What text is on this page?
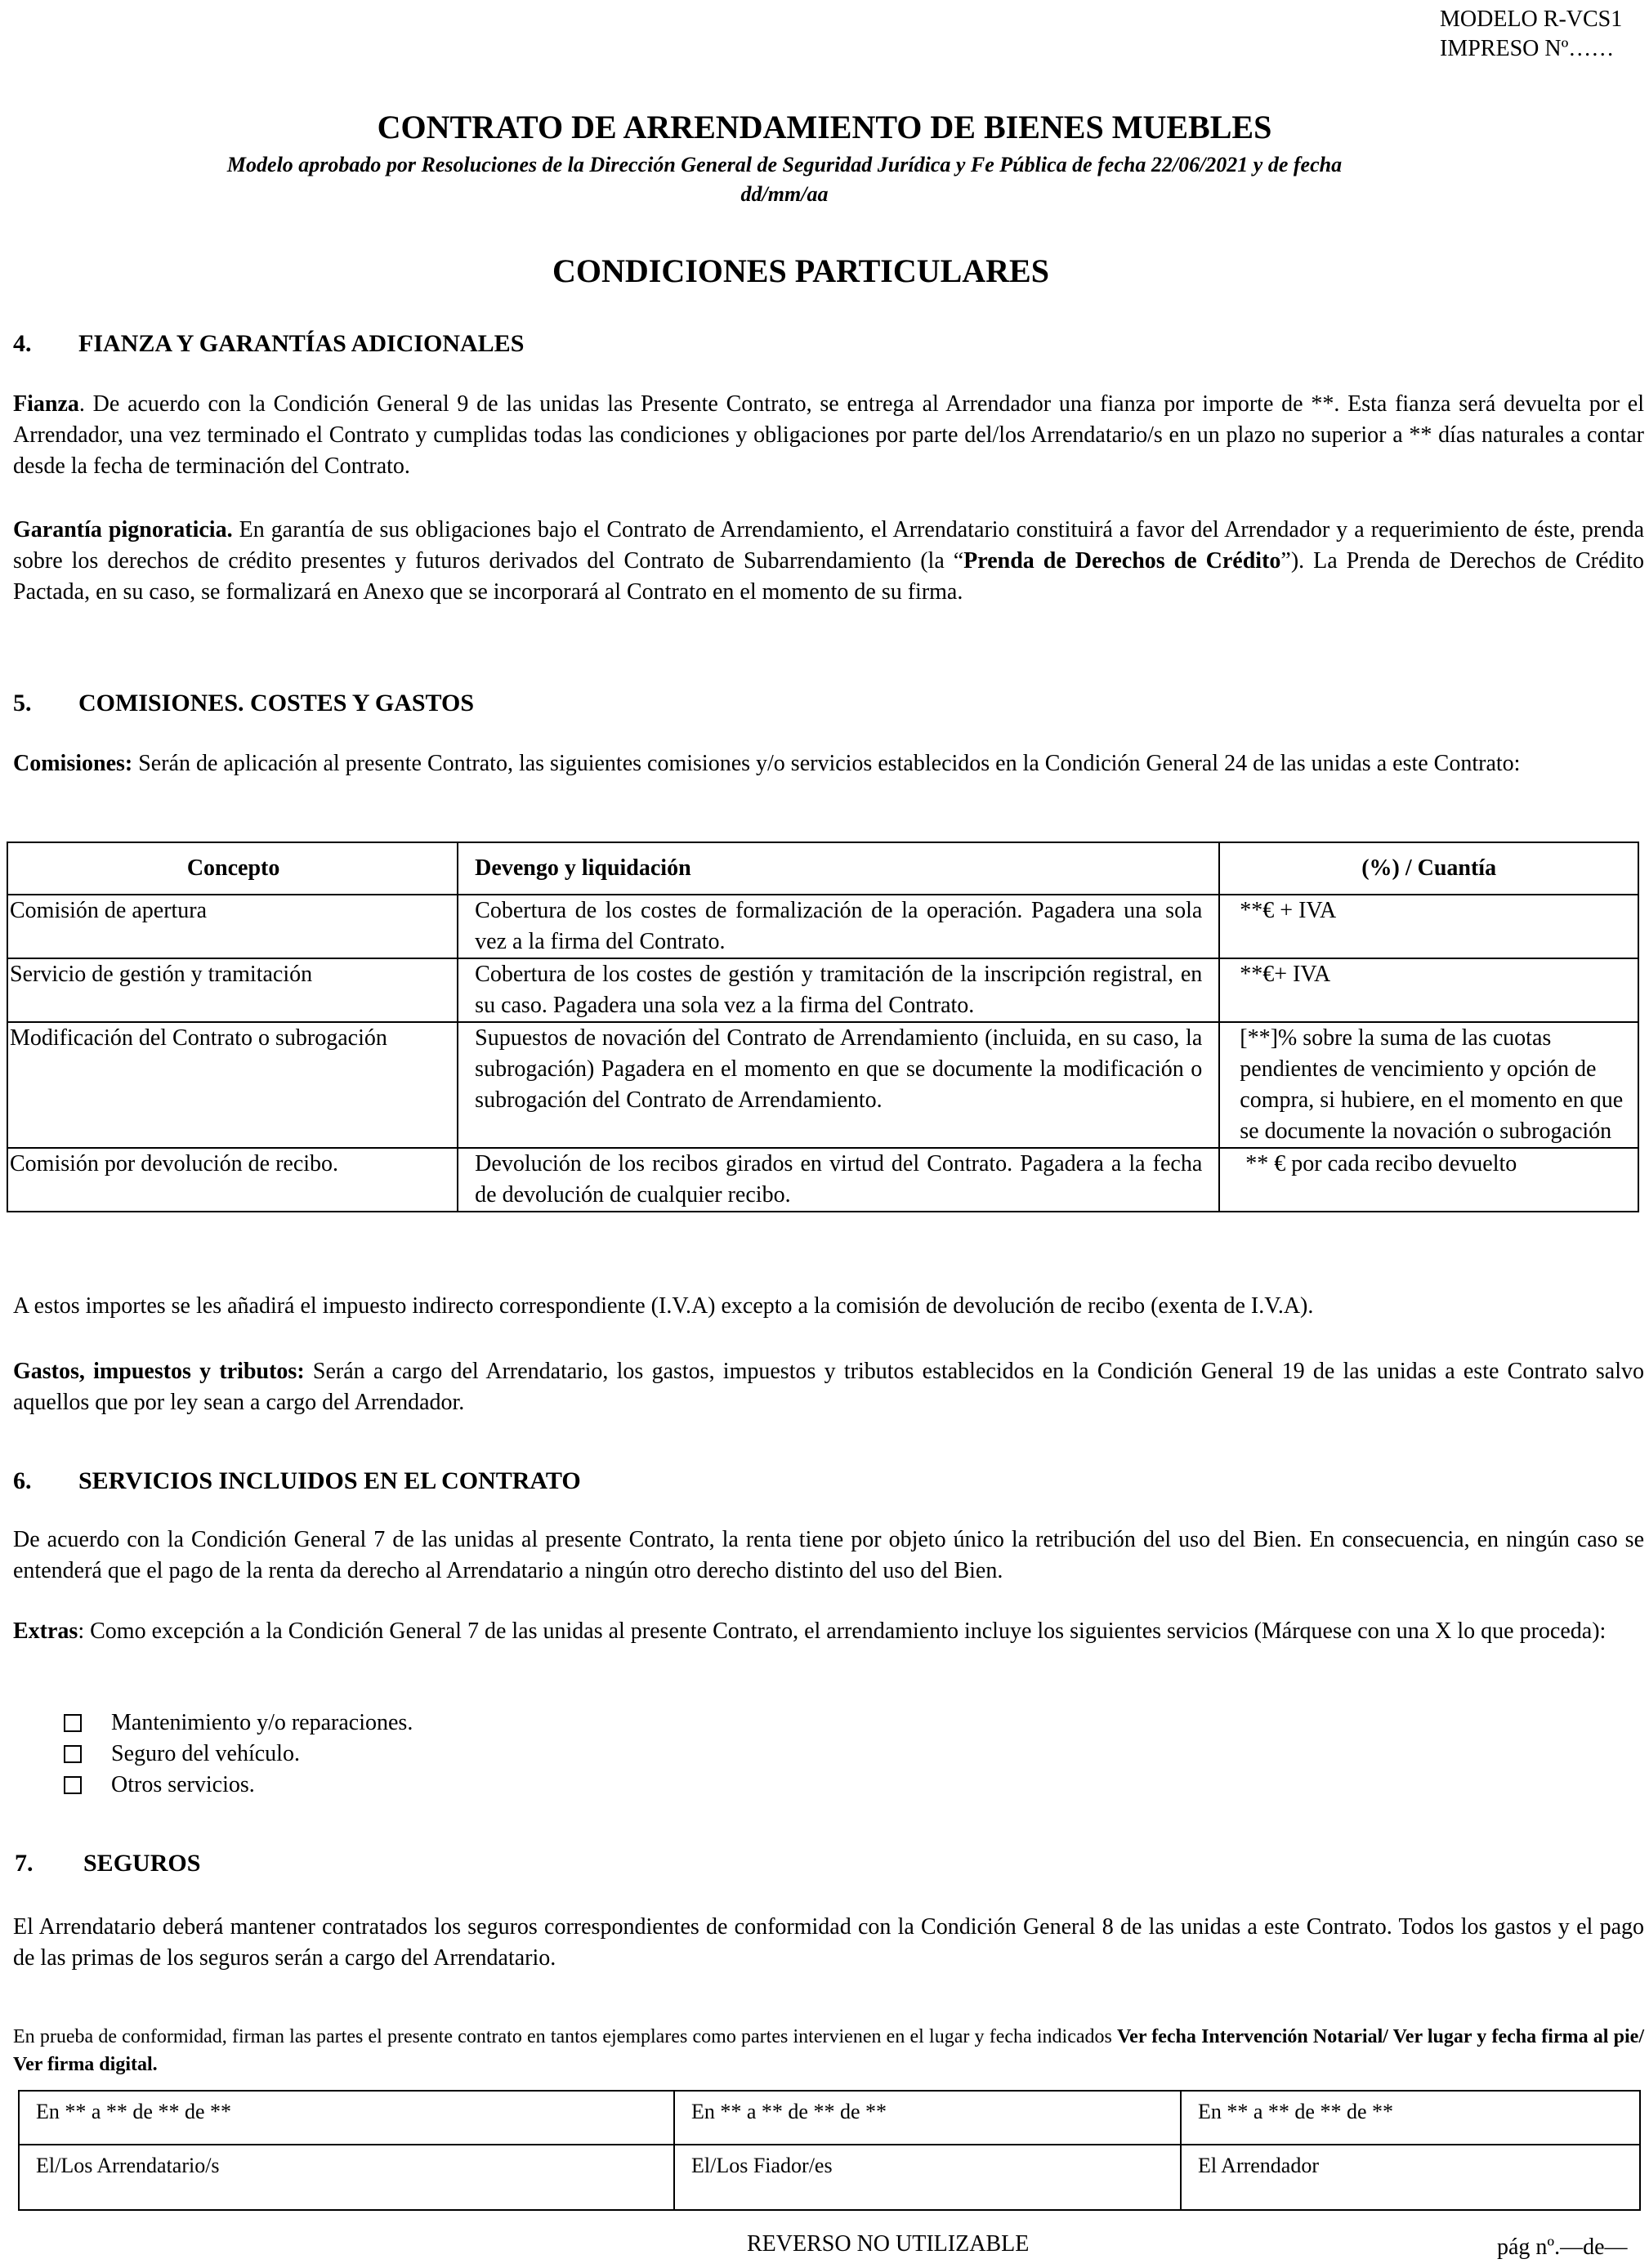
MODELO R-VCS1
IMPRESO Nº……
CONTRATO DE ARRENDAMIENTO DE BIENES MUEBLES
Modelo aprobado por Resoluciones de la Dirección General de Seguridad Jurídica y Fe Pública de fecha 22/06/2021 y de fecha dd/mm/aa
CONDICIONES PARTICULARES
4. FIANZA Y GARANTÍAS ADICIONALES
Fianza. De acuerdo con la Condición General 9 de las unidas las Presente Contrato, se entrega al Arrendador una fianza por importe de **. Esta fianza será devuelta por el Arrendador, una vez terminado el Contrato y cumplidas todas las condiciones y obligaciones por parte del/los Arrendatario/s en un plazo no superior a ** días naturales a contar desde la fecha de terminación del Contrato.
Garantía pignoraticia. En garantía de sus obligaciones bajo el Contrato de Arrendamiento, el Arrendatario constituirá a favor del Arrendador y a requerimiento de éste, prenda sobre los derechos de crédito presentes y futuros derivados del Contrato de Subarrendamiento (la “Prenda de Derechos de Crédito”). La Prenda de Derechos de Crédito Pactada, en su caso, se formalizará en Anexo que se incorporará al Contrato en el momento de su firma.
5. COMISIONES. COSTES Y GASTOS
Comisiones: Serán de aplicación al presente Contrato, las siguientes comisiones y/o servicios establecidos en la Condición General 24 de las unidas a este Contrato:
Concepto	Devengo y liquidación	(%) / Cuantía
Comisión de apertura	Cobertura de los costes de formalización de la operación. Pagadera una sola vez a la firma del Contrato.	**€ + IVA
Servicio de gestión y tramitación	Cobertura de los costes de gestión y tramitación de la inscripción registral, en su caso. Pagadera una sola vez a la firma del Contrato.	**€+ IVA
Modificación del Contrato o subrogación	Supuestos de novación del Contrato de Arrendamiento (incluida, en su caso, la subrogación) Pagadera en el momento en que se documente la modificación o subrogación del Contrato de Arrendamiento.	[**]% sobre la suma de las cuotas pendientes de vencimiento y opción de compra, si hubiere, en el momento en que se documente la novación o subrogación
Comisión por devolución de recibo.	Devolución de los recibos girados en virtud del Contrato. Pagadera a la fecha de devolución de cualquier recibo.	** € por cada recibo devuelto
A estos importes se les añadirá el impuesto indirecto correspondiente (I.V.A) excepto a la comisión de devolución de recibo (exenta de I.V.A).
Gastos, impuestos y tributos: Serán a cargo del Arrendatario, los gastos, impuestos y tributos establecidos en la Condición General 19 de las unidas a este Contrato salvo aquellos que por ley sean a cargo del Arrendador.
6. SERVICIOS INCLUIDOS EN EL CONTRATO
De acuerdo con la Condición General 7 de las unidas al presente Contrato, la renta tiene por objeto único la retribución del uso del Bien. En consecuencia, en ningún caso se entenderá que el pago de la renta da derecho al Arrendatario a ningún otro derecho distinto del uso del Bien.
Extras: Como excepción a la Condición General 7 de las unidas al presente Contrato, el arrendamiento incluye los siguientes servicios (Márquese con una X lo que proceda):
Mantenimiento y/o reparaciones.
Seguro del vehículo.
Otros servicios.
7. SEGUROS
El Arrendatario deberá mantener contratados los seguros correspondientes de conformidad con la Condición General 8 de las unidas a este Contrato. Todos los gastos y el pago de las primas de los seguros serán a cargo del Arrendatario.
En prueba de conformidad, firman las partes el presente contrato en tantos ejemplares como partes intervienen en el lugar y fecha indicados Ver fecha Intervención Notarial/ Ver lugar y fecha firma al pie/ Ver firma digital.
En ** a ** de ** de **	En ** a ** de ** de **	En ** a ** de ** de **
El/Los Arrendatario/s	El/Los Fiador/es	El Arrendador
REVERSO NO UTILIZABLE	pág nº.—de—
